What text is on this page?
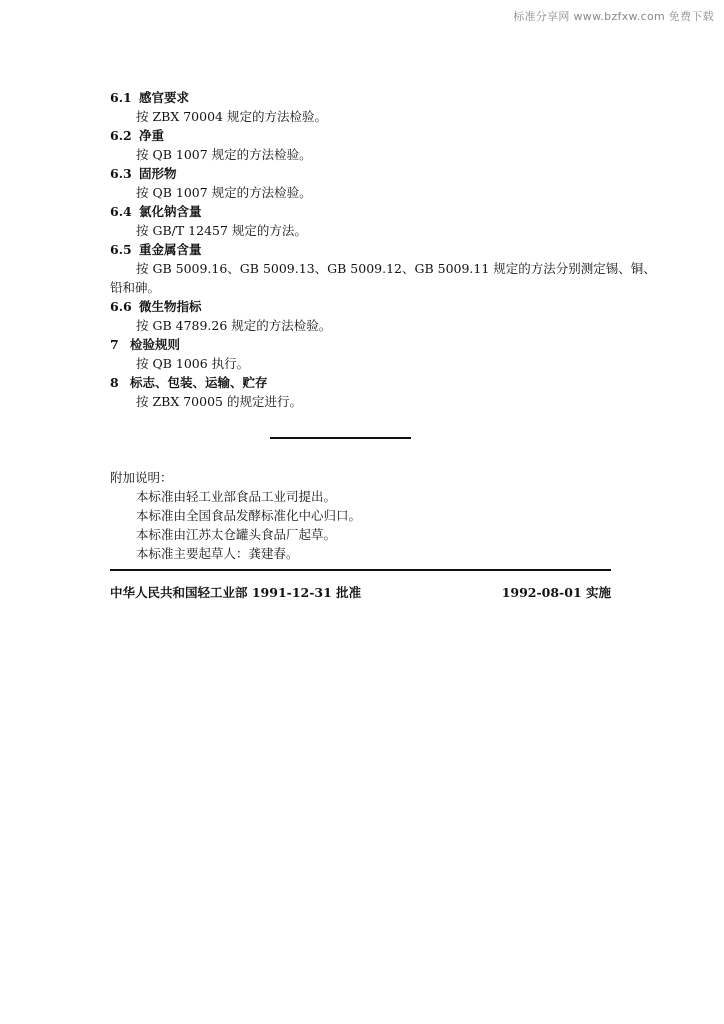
标准分享网 www.bzfxw.com 免费下载
6.1 感官要求
按 ZBX 70004 规定的方法检验。
6.2 净重
按 QB 1007 规定的方法检验。
6.3 固形物
按 QB 1007 规定的方法检验。
6.4 氯化钠含量
按 GB/T 12457 规定的方法。
6.5 重金属含量
按 GB 5009.16、GB 5009.13、GB 5009.12、GB 5009.11 规定的方法分别测定锡、铜、
铅和砷。
6.6 微生物指标
按 GB 4789.26 规定的方法检验。
7 检验规则
按 QB 1006 执行。
8 标志、包装、运输、贮存
按 ZBX 70005 的规定进行。
附加说明：
本标准由轻工业部食品工业司提出。
本标准由全国食品发酵标准化中心归口。
本标准由江苏太仓罐头食品厂起草。
本标准主要起草人：龚建春。
中华人民共和国轻工业部 1991-12-31 批准	1992-08-01 实施
